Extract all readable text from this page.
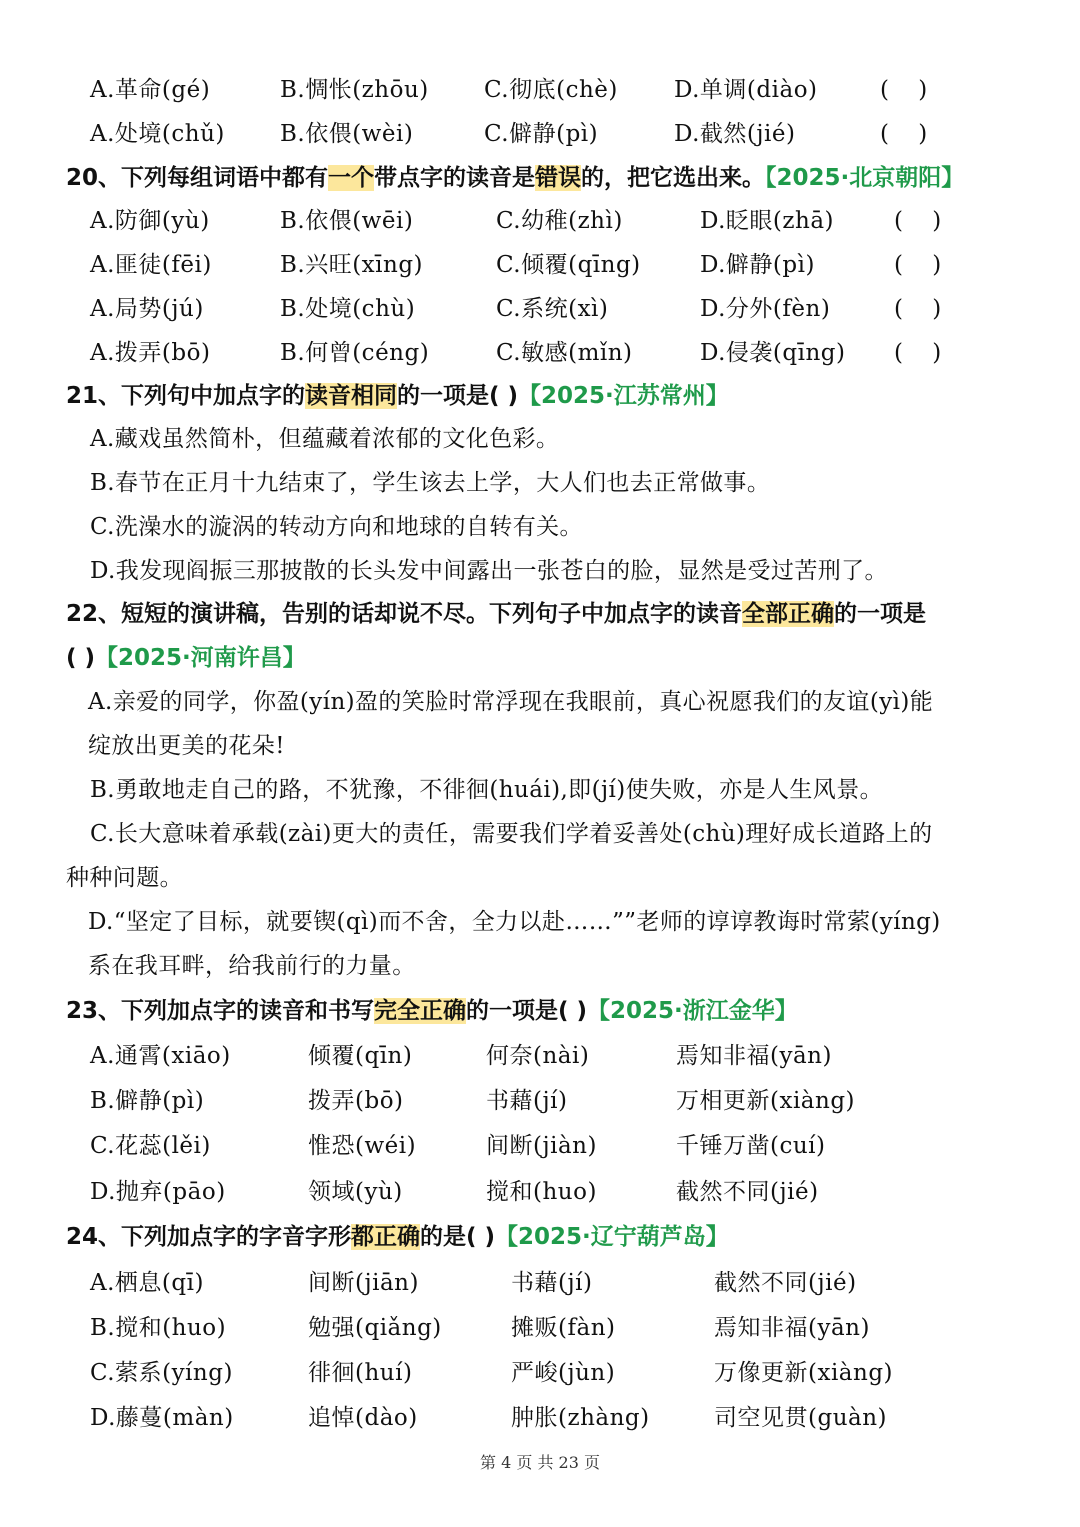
A.革命(gé)	B.惆怅(zhōu) C.彻底(chè) D.单调(diào)	(    )
A.处境(chǔ) B.依偎(wèi)	C.僻静(pì)	D.截然(jié)	(    )
20、下列每组词语中都有一个带点字的读音是错误的，把它选出来。【2025·北京朝阳】
A.防御(yù)	B.依偎(wēi)	C.幼稚(zhì)	D.眨眼(zhā)	(    )
A.匪徒(fēi)	B.兴旺(xīng)	C.倾覆(qīng)	D.僻静(pì)	(    )
A.局势(jú)	B.处境(chù)	C.系统(xì)	D.分外(fèn)	(    )
A.拨弄(bō)	B.何曾(céng)	C.敏感(mǐn)	D.侵袭(qīng) (    )
21、下列句中加点字的读音相同的一项是( )【2025·江苏常州】
A.藏戏虽然简朴，但蕴藏着浓郁的文化色彩。
B.春节在正月十九结束了，学生该去上学，大人们也去正常做事。
C.洗澡水的漩涡的转动方向和地球的自转有关。
D.我发现阎振三那披散的长头发中间露出一张苍白的脸，显然是受过苦刑了。
22、短短的演讲稿，告别的话却说不尽。下列句子中加点字的读音全部正确的一项是
( )【2025·河南许昌】
A.亲爱的同学，你盈(yín)盈的笑脸时常浮现在我眼前，真心祝愿我们的友谊(yì)能
绽放出更美的花朵!
B.勇敢地走自己的路，不犹豫，不徘徊(huái),即(jí)使失败，亦是人生风景。
C.长大意味着承载(zài)更大的责任，需要我们学着妥善处(chù)理好成长道路上的
种种问题。
D.“坚定了目标，就要锲(qì)而不舍，全力以赴……””老师的谆谆教诲时常萦(yíng)
系在我耳畔，给我前行的力量。
23、下列加点字的读音和书写完全正确的一项是( )【2025·浙江金华】
A.通霄(xiāo)	倾覆(qīn)	何奈(nài)	焉知非福(yān)
B.僻静(pì)	拨弄(bō)	书藉(jí)	万相更新(xiàng)
C.花蕊(lěi)	惟恐(wéi)	间断(jiàn)	千锤万凿(cuí)
D.抛弃(pāo)	领域(yù)	搅和(huo)	截然不同(jié)
24、下列加点字的字音字形都正确的是( )【2025·辽宁葫芦岛】
A.栖息(qī)	间断(jiān)	书藉(jí)	截然不同(jié)
B.搅和(huo)	勉强(qiǎng)	摊贩(fàn)	焉知非福(yān)
C.萦系(yíng)	徘徊(huí)	严峻(jùn)	万像更新(xiàng)
D.藤蔓(màn)	追悼(dào)	肿胀(zhàng)	司空见贯(guàn)
第 4 页 共 23 页
